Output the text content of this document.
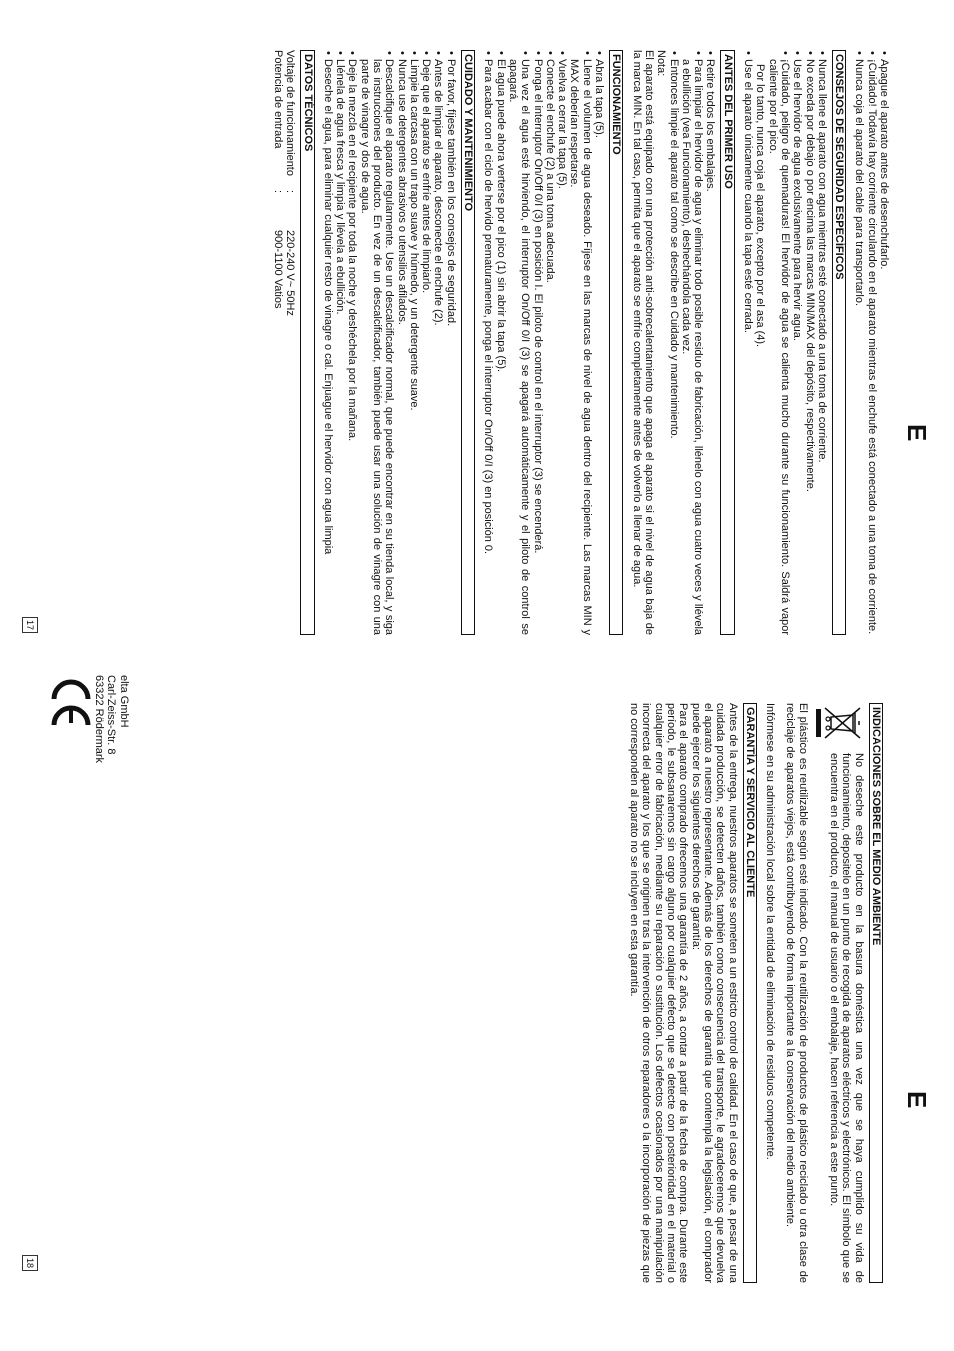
E
• Apague el aparato antes de desenchufarlo.
• ¡Cuidado! Todavía hay corriente circulando en el aparato mientras el enchufe está conectado a una toma de corriente.
• Nunca coja el aparato del cable para transportarlo.
CONSEJOS DE SEGURIDAD ESPECÍFICOS
• Nunca llene el aparato con agua mientras esté conectado a una toma de corriente.
• No exceda por debajo o por encima las marcas MIN/MAX del depósito, respectivamente.
• Use el hervidor de agua exclusivamente para hervir agua.
• ¡Cuidado, peligro de quemaduras! El hervidor de agua se calienta mucho durante su funcionamiento. Saldrá vapor caliente por el pico.

Por lo tanto, nunca coja el aparato, excepto por el asa (4).

• Use el aparato únicamente cuando la tapa esté cerrada.
ANTES DEL PRIMER USO
• Retire todos los embalajes.
• Para limpiar el hervidor de agua y eliminar todo posible residuo de fabricación, llénelo con agua cuatro veces y llévela a ebullición (vea Funcionamiento), deshechándola cada vez.
• Entonces limpie el aparato tal como se describe en Cuidado y mantenimiento.

Nota:

El aparato está equipado con una protección anti-sobrecalentamiento que apaga el aparato si el nivel de agua baja de la marca MIN. En tal caso, permita que el aparato se enfríe completamente antes de volverlo a llenar de agua.

FUNCIONAMIENTO
• Abra la tapa (5).
• Llene el volumen de agua deseado. Fíjese en las marcas de nivel de agua dentro del recipiente. Las marcas MIN y MAX deberían respetarse.
• Vuelva a cerrar la tapa (5).
• Conecte el enchufe (2) a una toma adecuada.
• Ponga el interruptor On/Off 0/I (3) en posición I. El piloto de control en el interruptor (3) se encenderá.
• Una vez el agua esté hirviendo, el interruptor On/Off 0/I (3) se apagará automáticamente y el piloto de control se apagará.
• El agua puede ahora verterse por el pico (1) sin abrir la tapa (5).
• Para acabar con el ciclo de hervido prematuramente, ponga el interruptor On/Off 0/I (3) en posición 0.
CUIDADO Y MANTENIMIENTO
• Por favor, fíjese también en los consejos de seguridad.
• Antes de limpiar el aparato, desconecte el enchufe (2).
• Deje que el aparato se enfríe antes de limpiarlo.
• Limpie la carcasa con un trapo suave y húmedo, y un detergente suave.
• Nunca use detergentes abrasivos o utensilios afilados.
• Descalcifique el aparato regularmente. Use un descalcificador normal, que puede encontrar en su tienda local, y siga las instrucciones del producto. En vez de un descalcificador, también puede usar una solución de vinagre con una parte de vinagre y dos de agua.
• Deje la mezcla en el recipiente por toda la noche y deshéchela por la mañana.
• Llénela de agua fresca y limpia y llévela a ebullición.
• Deseche el agua, para eliminar cualquier resto de vinagre o cal. Enjuague el hervidor con agua limpia
DATOS TÉCNICOS
Voltaje de funcionamiento
:
220-240 V~ 50Hz
Potencia de entrada
:
900-1100 Vatios
17
E
INDICACIONES SOBRE EL MEDIO AMBIENTE

No deseche este producto en la basura doméstica una vez que se haya cumplido su vida de funcionamiento, depositelo en un punto de recogida de aparatos eléctricos y electrónicos. El símbolo que se encuentra en el producto, el manual de usuario o el embalaje, hacen referencia a este punto.

El plástico es reutilizable según esté indicado. Con la reutilización de productos de plástico reciclado u otra clase de reciclaje de aparatos viejos, está contribuyendo de forma importante a la conservación del medio ambiente.

Infórmese en su administración local sobre la entidad de eliminación de residuos competente.

GARANTÍA Y SERVICIO AL CLIENTE

Antes de la entrega, nuestros aparatos se someten a un estricto control de calidad. En el caso de que, a pesar de una cuidada producción, se detecten daños, también como consecuencia del transporte, le agradeceremos que devuelva el aparato a nuestro representante. Además de los derechos de garantía que contempla la legislación, el comprador puede ejercer los siguientes derechos de garantía:

Para el aparato comprado ofrecemos una garantía de 2 años, a contar a partir de la fecha de compra. Durante este período, le subsanaremos sin cargo alguno por cualquier defecto que se detecte con posterioridad en el material o cualquier error de fabricación, mediante su reparación o sustitución. Los defectos ocasionados por una manipulación incorrecta del aparato y los que se originen tras la intervención de otros reparadores o la incorporación de piezas que no corresponden al aparato no se incluyen en esta garantía.

elta GmbH
Carl-Zeiss-Str. 8
63322 Rödermark
18
